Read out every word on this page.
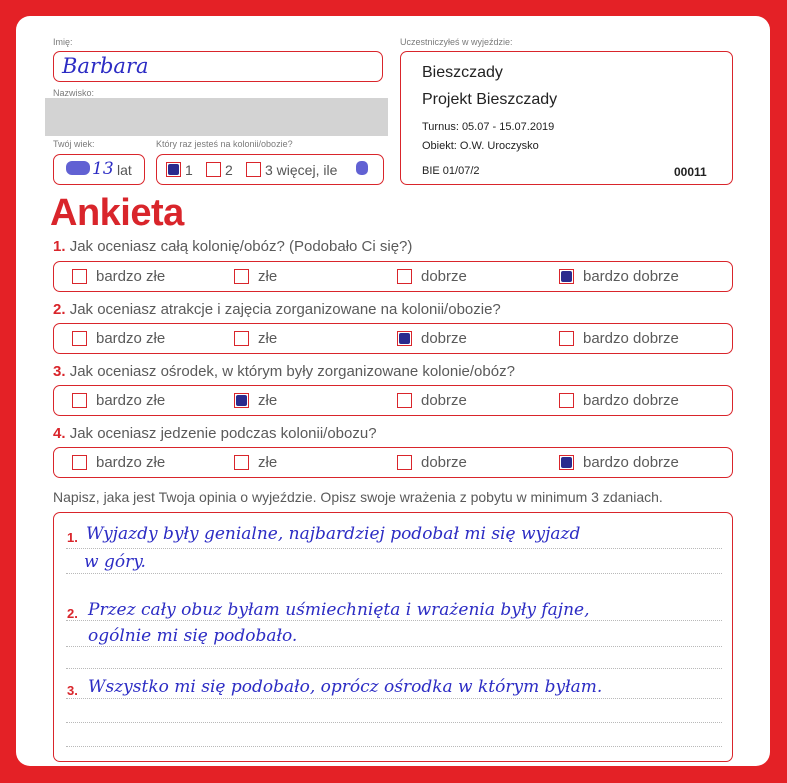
Imię:
Barbara
Nazwisko:
Twój wiek:
13 lat
Który raz jesteś na kolonii/obozie?
1 2 3 więcej, ile
Uczestniczyłeś w wyjeździe:
Bieszczady
Projekt Bieszczady
Turnus: 05.07 - 15.07.2019
Obiekt: O.W. Uroczysko
BIE 01/07/2	00011
Ankieta
1. Jak oceniasz całą kolonię/obóz? (Podobało Ci się?)
bardzo złe	złe	dobrze	bardzo dobrze
2. Jak oceniasz atrakcje i zajęcia zorganizowane na kolonii/obozie?
bardzo złe	złe	dobrze	bardzo dobrze
3. Jak oceniasz ośrodek, w którym były zorganizowane kolonie/obóz?
bardzo złe	złe	dobrze	bardzo dobrze
4. Jak oceniasz jedzenie podczas kolonii/obozu?
bardzo złe	złe	dobrze	bardzo dobrze
Napisz, jaka jest Twoja opinia o wyjeździe. Opisz swoje wrażenia z pobytu w minimum 3 zdaniach.
1. Wyjazdy były genialne, najbardziej podobał mi się wyjazd
w góry.
2. Przez cały obuz byłam uśmiechnięta i wrażenia były fajne,
ogólnie mi się podobało.
3. Wszystko mi się podobało, oprócz ośrodka w którym byłam.
